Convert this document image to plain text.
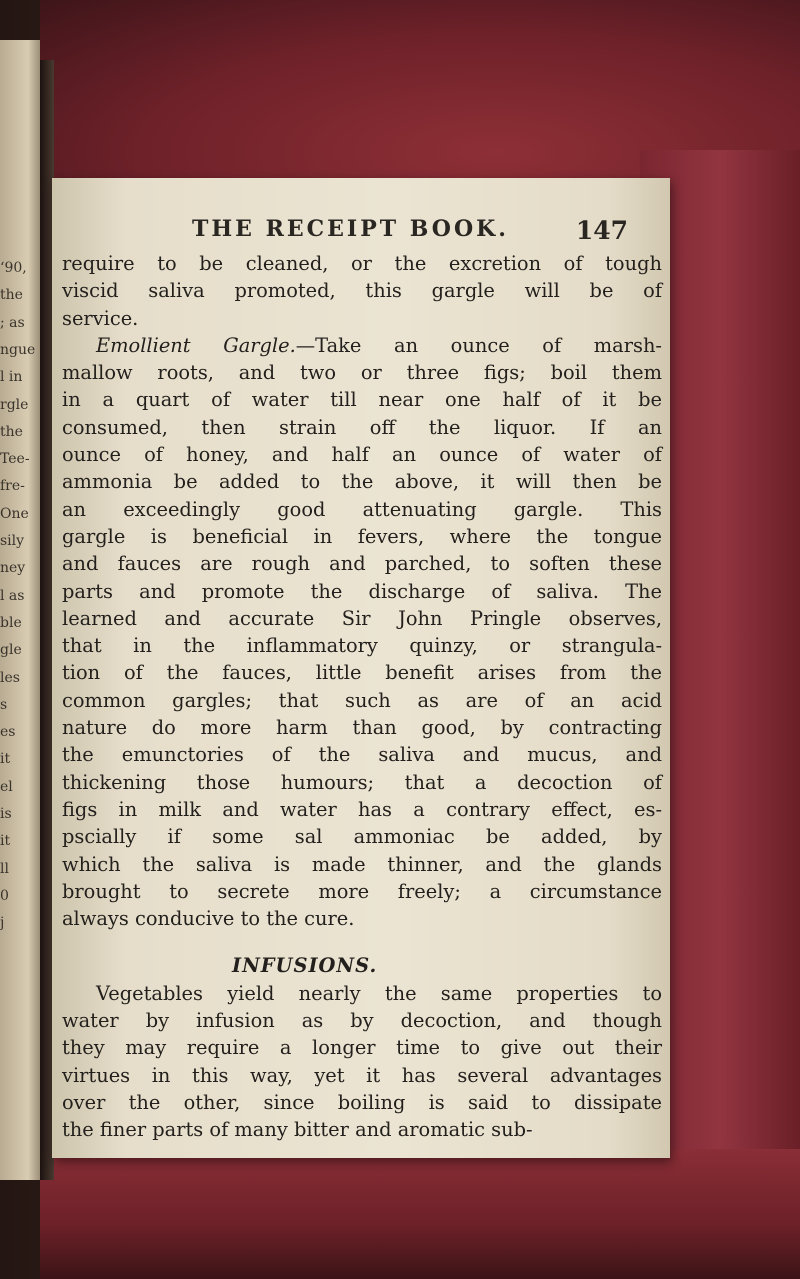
‘90,
the
; as
ngue
l in
rgle
the
Tee-
fre-
One
sily
ney
l as
ble
gle
les
s
es
it
el
is
it
ll
0
j
THE RECEIPT BOOK.	147
require to be cleaned, or the excretion of tough
viscid saliva promoted, this gargle will be of
service.
Emollient Gargle.—Take an ounce of marsh-
mallow roots, and two or three figs; boil them
in a quart of water till near one half of it be
consumed, then strain off the liquor. If an
ounce of honey, and half an ounce of water of
ammonia be added to the above, it will then be
an exceedingly good attenuating gargle. This
gargle is beneficial in fevers, where the tongue
and fauces are rough and parched, to soften these
parts and promote the discharge of saliva. The
learned and accurate Sir John Pringle observes,
that in the inflammatory quinzy, or strangula-
tion of the fauces, little benefit arises from the
common gargles; that such as are of an acid
nature do more harm than good, by contracting
the emunctories of the saliva and mucus, and
thickening those humours; that a decoction of
figs in milk and water has a contrary effect, es-
pscially if some sal ammoniac be added, by
which the saliva is made thinner, and the glands
brought to secrete more freely; a circumstance
always conducive to the cure.
INFUSIONS.
Vegetables yield nearly the same properties to
water by infusion as by decoction, and though
they may require a longer time to give out their
virtues in this way, yet it has several advantages
over the other, since boiling is said to dissipate
the finer parts of many bitter and aromatic sub-
